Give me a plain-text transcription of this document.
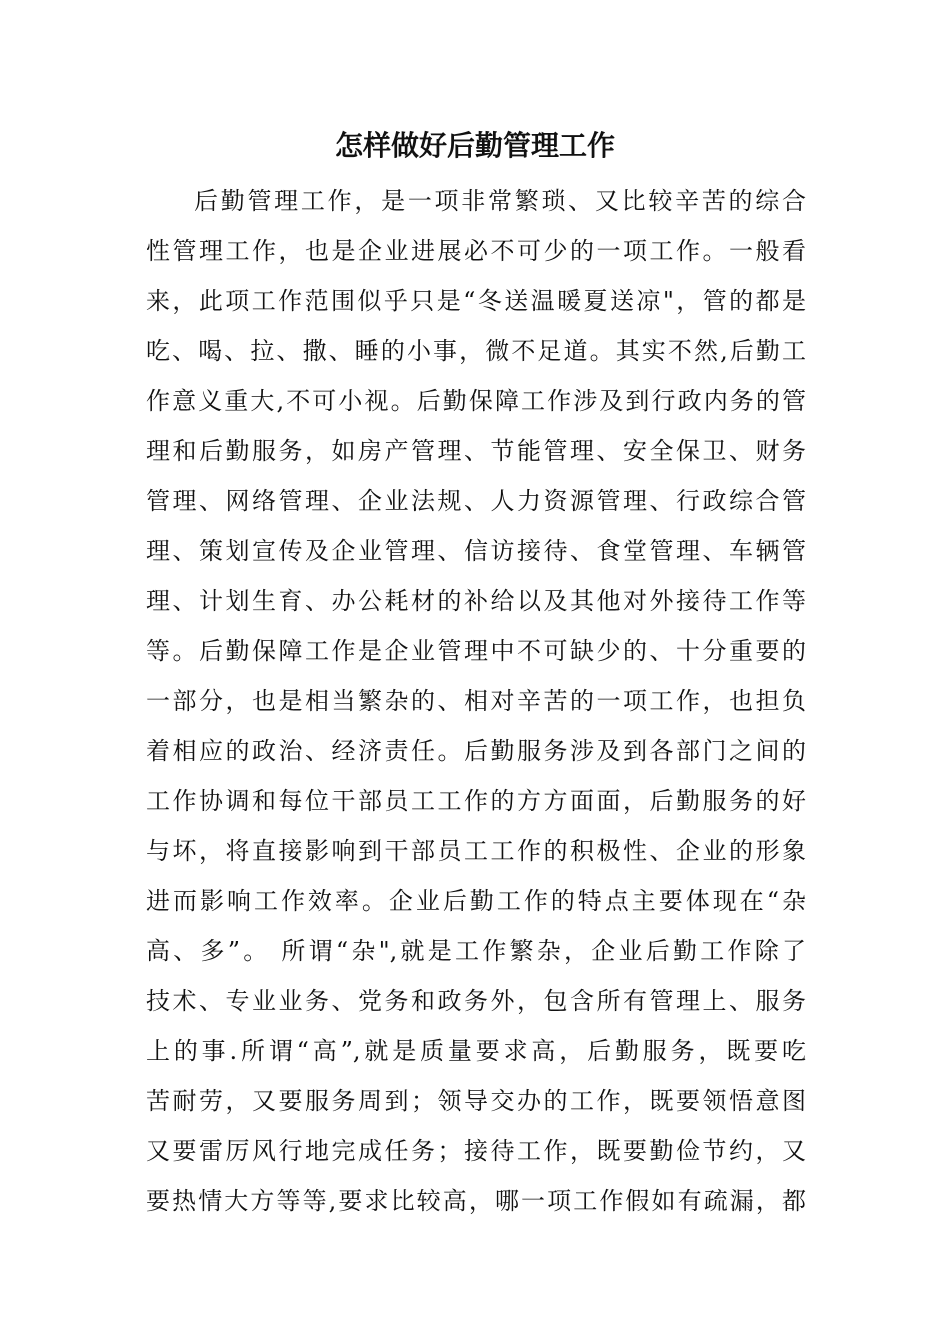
怎样做好后勤管理工作
后勤管理工作，是一项非常繁琐、又比较辛苦的综合
性管理工作，也是企业进展必不可少的一项工作。一般看
来，此项工作范围似乎只是“冬送温暖夏送凉"，管的都是
吃、喝、拉、撒、睡的小事，微不足道。其实不然,后勤工
作意义重大,不可小视。后勤保障工作涉及到行政内务的管
理和后勤服务，如房产管理、节能管理、安全保卫、财务
管理、网络管理、企业法规、人力资源管理、行政综合管
理、策划宣传及企业管理、信访接待、食堂管理、车辆管
理、计划生育、办公耗材的补给以及其他对外接待工作等
等。后勤保障工作是企业管理中不可缺少的、十分重要的
一部分，也是相当繁杂的、相对辛苦的一项工作，也担负
着相应的政治、经济责任。后勤服务涉及到各部门之间的
工作协调和每位干部员工工作的方方面面，后勤服务的好
与坏，将直接影响到干部员工工作的积极性、企业的形象
进而影响工作效率。企业后勤工作的特点主要体现在“杂
高、多”。 所谓“杂",就是工作繁杂，企业后勤工作除了
技术、专业业务、党务和政务外，包含所有管理上、服务
上的事.所谓“高”,就是质量要求高，后勤服务，既要吃
苦耐劳，又要服务周到；领导交办的工作，既要领悟意图
又要雷厉风行地完成任务；接待工作，既要勤俭节约，又
要热情大方等等,要求比较高，哪一项工作假如有疏漏，都
